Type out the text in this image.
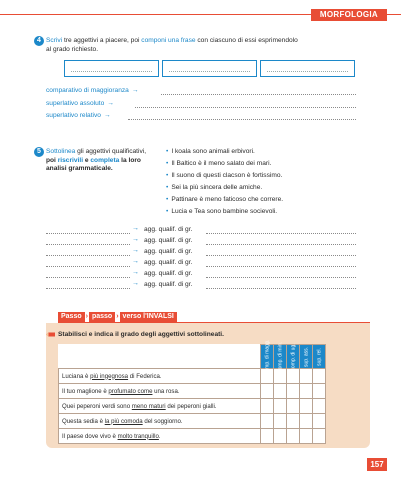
MORFOLOGIA
4 Scrivi tre aggettivi a piacere, poi componi una frase con ciascuno di essi esprimendolo
al grado richiesto.
comparativo di maggioranza →
superlativo assoluto →
superlativo relativo →
5 Sottolinea gli aggettivi qualificativi,
poi riscrivili e completa la loro
analisi grammaticale.
• I koala sono animali erbivori.
• Il Baltico è il meno salato dei mari.
• Il suono di questi clacson è fortissimo.
• Sei la più sincera delle amiche.
• Pattinare è meno faticoso che correre.
• Lucia e Tea sono bambine socievoli.
→ agg. qualif. di gr.
→ agg. qualif. di gr.
→ agg. qualif. di gr.
→ agg. qualif. di gr.
→ agg. qualif. di gr.
→ agg. qualif. di gr.
Passo › passo › verso l'INVALSI
Stabilisci e indica il grado degli aggettivi sottolineati.

	comp. di magg.	comp. di min.	comp. di ug.	sup. ass.	sup. rel.

Luciana è più ingegnosa di Federica.					
Il tuo maglione è profumato come una rosa.					
Quei peperoni verdi sono meno maturi dei peperoni gialli.					
Questa sedia è la più comoda del soggiorno.					
Il paese dove vivo è molto tranquillo.					
157
